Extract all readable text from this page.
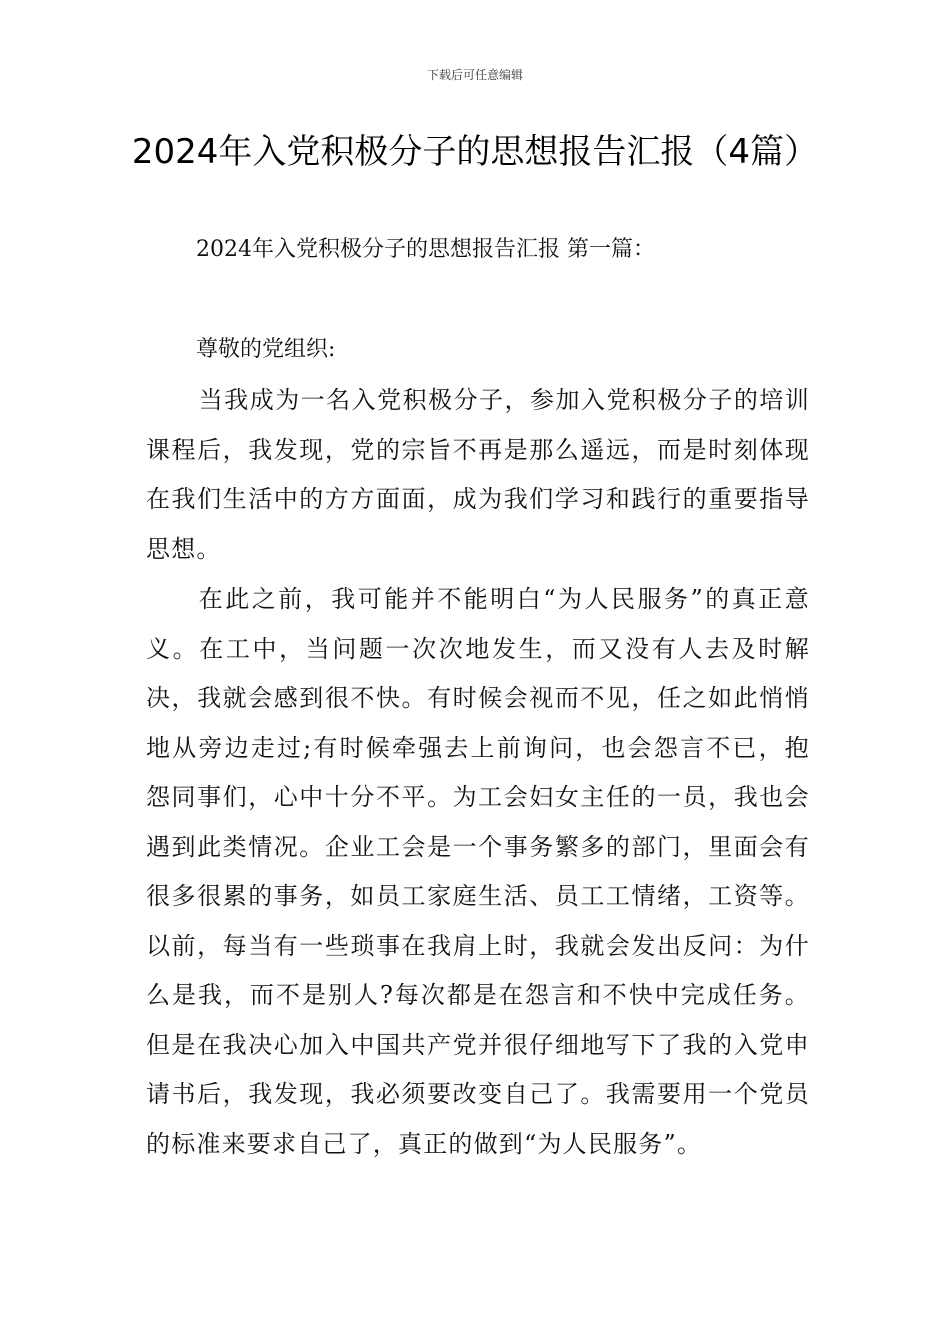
下载后可任意编辑
2024年入党积极分子的思想报告汇报（4篇）
2024年入党积极分子的思想报告汇报 第一篇：
尊敬的党组织:

当我成为一名入党积极分子，参加入党积极分子的培训课程后，我发现，党的宗旨不再是那么遥远，而是时刻体现在我们生活中的方方面面，成为我们学习和践行的重要指导思想。

在此之前，我可能并不能明白“为人民服务”的真正意义。在工中，当问题一次次地发生，而又没有人去及时解决，我就会感到很不快。有时候会视而不见，任之如此悄悄地从旁边走过;有时候牵强去上前询问，也会怨言不已，抱怨同事们，心中十分不平。为工会妇女主任的一员，我也会遇到此类情况。企业工会是一个事务繁多的部门，里面会有很多很累的事务，如员工家庭生活、员工工情绪，工资等。以前，每当有一些琐事在我肩上时，我就会发出反问：为什么是我，而不是别人?每次都是在怨言和不快中完成任务。但是在我决心加入中国共产党并很仔细地写下了我的入党申请书后，我发现，我必须要改变自己了。我需要用一个党员的标准来要求自己了，真正的做到“为人民服务”。
